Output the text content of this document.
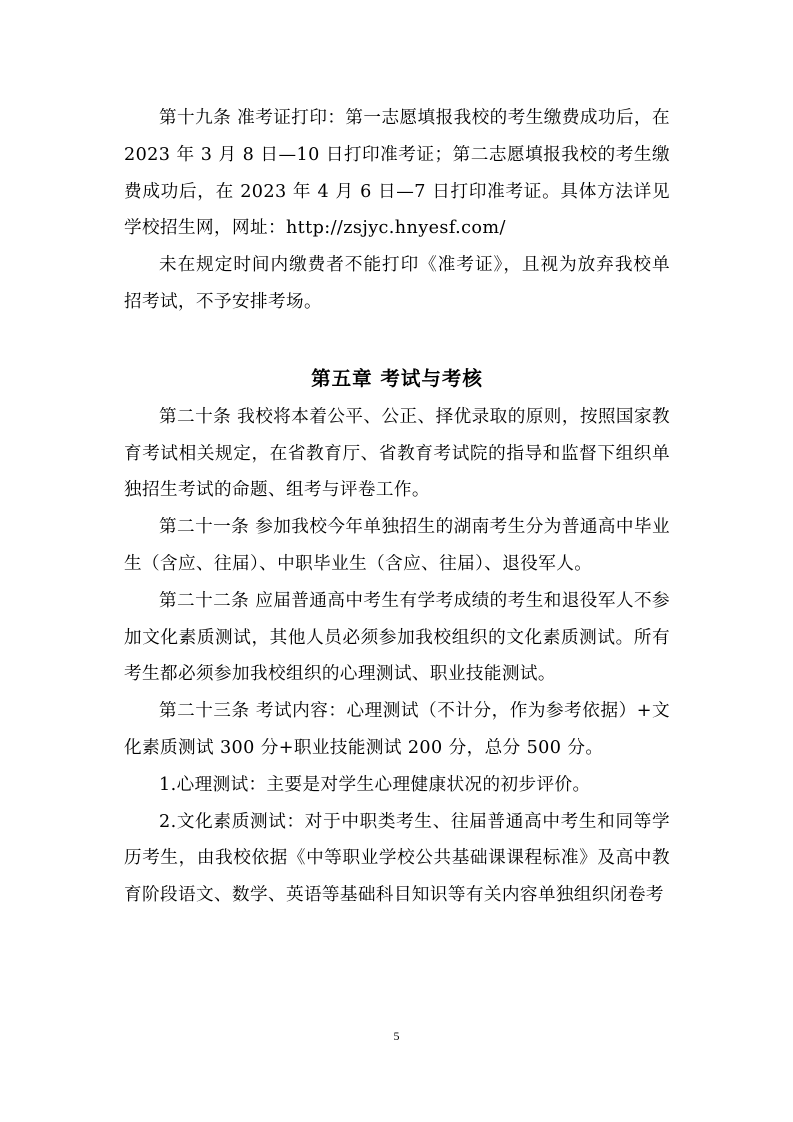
第十九条 准考证打印：第一志愿填报我校的考生缴费成功后，在 2023 年 3 月 8 日—10 日打印准考证；第二志愿填报我校的考生缴费成功后，在 2023 年 4 月 6 日—7 日打印准考证。具体方法详见学校招生网，网址：http://zsjyc.hnyesf.com/

未在规定时间内缴费者不能打印《准考证》，且视为放弃我校单招考试，不予安排考场。

第五章 考试与考核

第二十条 我校将本着公平、公正、择优录取的原则，按照国家教育考试相关规定，在省教育厅、省教育考试院的指导和监督下组织单独招生考试的命题、组考与评卷工作。

第二十一条 参加我校今年单独招生的湖南考生分为普通高中毕业生（含应、往届）、中职毕业生（含应、往届）、退役军人。

第二十二条 应届普通高中考生有学考成绩的考生和退役军人不参加文化素质测试，其他人员必须参加我校组织的文化素质测试。所有考生都必须参加我校组织的心理测试、职业技能测试。

第二十三条 考试内容：心理测试（不计分，作为参考依据）+文化素质测试 300 分+职业技能测试 200 分，总分 500 分。

1.心理测试：主要是对学生心理健康状况的初步评价。

2.文化素质测试：对于中职类考生、往届普通高中考生和同等学历考生，由我校依据《中等职业学校公共基础课课程标准》及高中教育阶段语文、数学、英语等基础科目知识等有关内容单独组织闭卷考

5
